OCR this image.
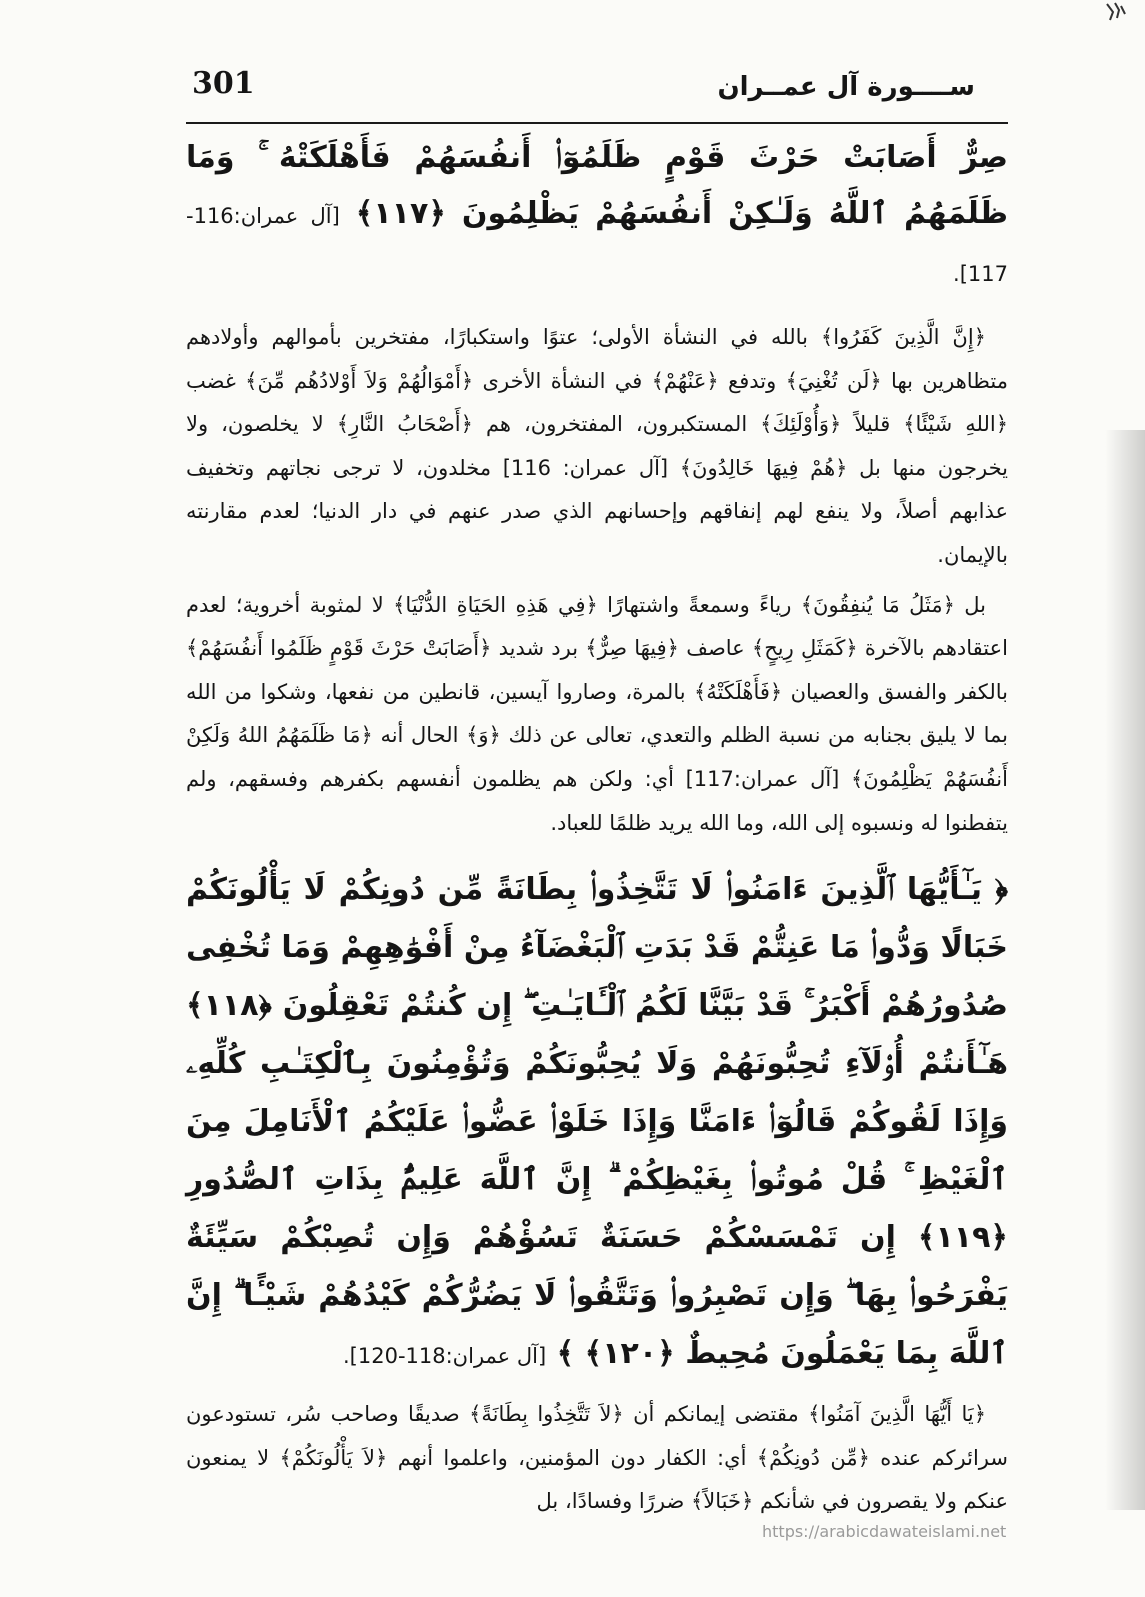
301	ســــورة آل عمــران

صِرٌّ أَصَابَتْ حَرْثَ قَوْمٍ ظَلَمُوٓا۟ أَنفُسَهُمْ فَأَهْلَكَتْهُ ۚ وَمَا ظَلَمَهُمُ ٱللَّهُ وَلَـٰكِنْ أَنفُسَهُمْ يَظْلِمُونَ ﴿١١٧﴾ [آل عمران:116-117].

﴿إِنَّ الَّذِينَ كَفَرُوا﴾ بالله في النشأة الأولى؛ عتوًا واستكبارًا، مفتخرين بأموالهم وأولادهم متظاهرين بها ﴿لَن تُغْنِيَ﴾ وتدفع ﴿عَنْهُمْ﴾ في النشأة الأخرى ﴿أَمْوَالُهُمْ وَلاَ أَوْلادُهُم مِّنَ﴾ غضب ﴿اللهِ شَيْئًا﴾ قليلاً ﴿وَأُوْلَئِكَ﴾ المستكبرون، المفتخرون، هم ﴿أَصْحَابُ النَّارِ﴾ لا يخلصون، ولا يخرجون منها بل ﴿هُمْ فِيهَا خَالِدُونَ﴾ [آل عمران: 116] مخلدون، لا ترجى نجاتهم وتخفيف عذابهم أصلاً، ولا ينفع لهم إنفاقهم وإحسانهم الذي صدر عنهم في دار الدنيا؛ لعدم مقارنته بالإيمان.

بل ﴿مَثَلُ مَا يُنفِقُونَ﴾ رياءً وسمعةً واشتهارًا ﴿فِي هَذِهِ الحَيَاةِ الدُّنْيَا﴾ لا لمثوبة أخروية؛ لعدم اعتقادهم بالآخرة ﴿كَمَثَلِ رِيحٍ﴾ عاصف ﴿فِيهَا صِرٌّ﴾ برد شديد ﴿أَصَابَتْ حَرْثَ قَوْمٍ ظَلَمُوا أَنفُسَهُمْ﴾ بالكفر والفسق والعصيان ﴿فَأَهْلَكَتْهُ﴾ بالمرة، وصاروا آيسين، قانطين من نفعها، وشكوا من الله بما لا يليق بجنابه من نسبة الظلم والتعدي، تعالى عن ذلك ﴿وَ﴾ الحال أنه ﴿مَا ظَلَمَهُمُ اللهُ وَلَكِنْ أَنفُسَهُمْ يَظْلِمُونَ﴾ [آل عمران:117] أي: ولكن هم يظلمون أنفسهم بكفرهم وفسقهم، ولم يتفطنوا له ونسبوه إلى الله، وما الله يريد ظلمًا للعباد.

﴿ يَـٰٓأَيُّهَا ٱلَّذِينَ ءَامَنُوا۟ لَا تَتَّخِذُوا۟ بِطَانَةً مِّن دُونِكُمْ لَا يَأْلُونَكُمْ خَبَالًا وَدُّوا۟ مَا عَنِتُّمْ قَدْ بَدَتِ ٱلْبَغْضَآءُ مِنْ أَفْوَٰهِهِمْ وَمَا تُخْفِى صُدُورُهُمْ أَكْبَرُ ۚ قَدْ بَيَّنَّا لَكُمُ ٱلْـَٔايَـٰتِ ۖ إِن كُنتُمْ تَعْقِلُونَ ﴿١١٨﴾ هَـٰٓأَنتُمْ أُو۟لَآءِ تُحِبُّونَهُمْ وَلَا يُحِبُّونَكُمْ وَتُؤْمِنُونَ بِٱلْكِتَـٰبِ كُلِّهِۦ وَإِذَا لَقُوكُمْ قَالُوٓا۟ ءَامَنَّا وَإِذَا خَلَوْا۟ عَضُّوا۟ عَلَيْكُمُ ٱلْأَنَامِلَ مِنَ ٱلْغَيْظِ ۚ قُلْ مُوتُوا۟ بِغَيْظِكُمْ ۗ إِنَّ ٱللَّهَ عَلِيمٌۢ بِذَاتِ ٱلصُّدُورِ ﴿١١٩﴾ إِن تَمْسَسْكُمْ حَسَنَةٌ تَسُؤْهُمْ وَإِن تُصِبْكُمْ سَيِّئَةٌ يَفْرَحُوا۟ بِهَا ۖ وَإِن تَصْبِرُوا۟ وَتَتَّقُوا۟ لَا يَضُرُّكُمْ كَيْدُهُمْ شَيْـًٔا ۗ إِنَّ ٱللَّهَ بِمَا يَعْمَلُونَ مُحِيطٌ ﴿١٢٠﴾ ﴾ [آل عمران:118-120].

﴿يَا أَيُّهَا الَّذِينَ آمَنُوا﴾ مقتضى إيمانكم أن ﴿لاَ تَتَّخِذُوا بِطَانَةً﴾ صديقًا وصاحب سُر، تستودعون سرائركم عنده ﴿مِّن دُونِكُمْ﴾ أي: الكفار دون المؤمنين، واعلموا أنهم ﴿لاَ يَأْلُونَكُمْ﴾ لا يمنعون عنكم ولا يقصرون في شأنكم ﴿خَبَالاً﴾ ضررًا وفسادًا، بل

https://arabicdawateislami.net
